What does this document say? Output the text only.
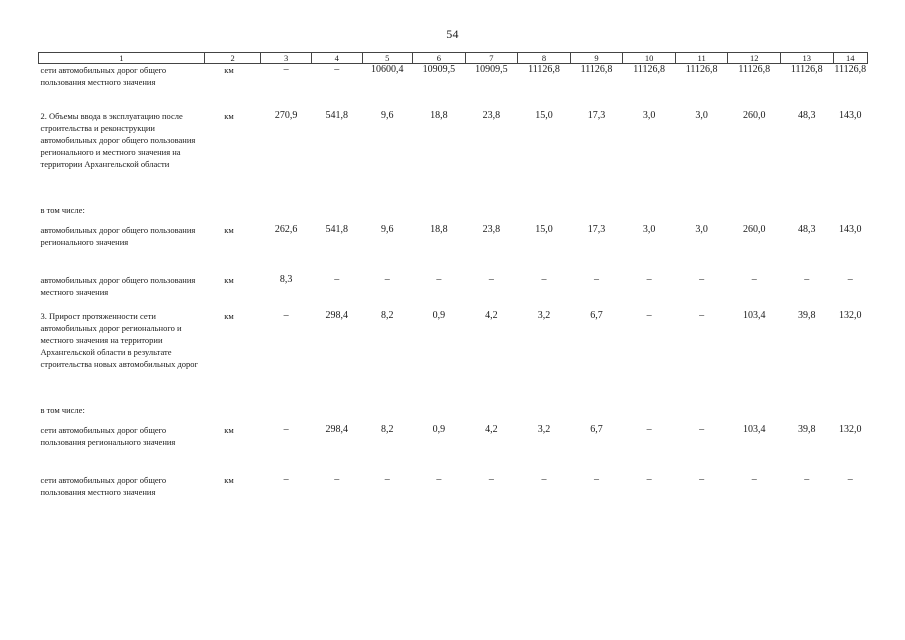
54
1	2	3	4	5	6	7	8	9	10	11	12	13	14
сети автомобильных дорог общего пользования местного значения	км	–	–	10600,4	10909,5	10909,5	11126,8	11126,8	11126,8	11126,8	11126,8	11126,8	11126,8
2. Объемы ввода в эксплуатацию после строительства и реконструкции автомобильных дорог общего пользования регионального и местного значения на территории Архангельской области	км	270,9	541,8	9,6	18,8	23,8	15,0	17,3	3,0	3,0	260,0	48,3	143,0
в том числе:													
автомобильных дорог общего пользования регионального значения	км	262,6	541,8	9,6	18,8	23,8	15,0	17,3	3,0	3,0	260,0	48,3	143,0
автомобильных дорог общего пользования местного значения	км	8,3	–	–	–	–	–	–	–	–	–	–	–
3. Прирост протяженности сети автомобильных дорог регионального и местного значения на территории Архангельской области в результате строительства новых автомобильных дорог	км	–	298,4	8,2	0,9	4,2	3,2	6,7	–	–	103,4	39,8	132,0
в том числе:													
сети автомобильных дорог общего пользования регионального значения	км	–	298,4	8,2	0,9	4,2	3,2	6,7	–	–	103,4	39,8	132,0
сети автомобильных дорог общего пользования местного значения	км	–	–	–	–	–	–	–	–	–	–	–	–
